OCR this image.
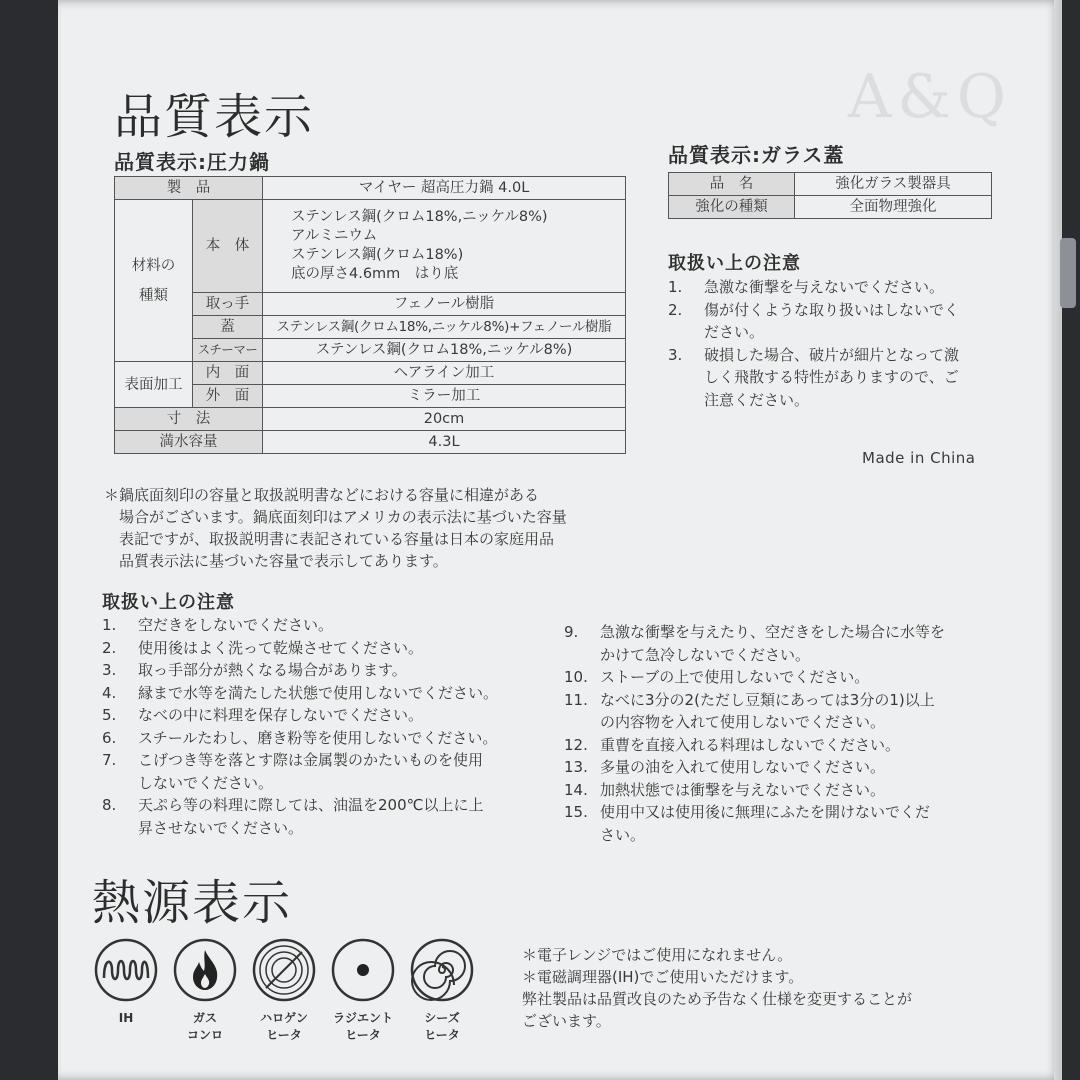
A&Q
品質表示
品質表示:圧力鍋
製　品		マイヤー 超高圧力鍋 4.0L
材料の
種類	本　体	ステンレス鋼(クロム18%,ニッケル8%)
アルミニウム
ステンレス鋼(クロム18%)
底の厚さ4.6mm　はり底
	取っ手	フェノール樹脂
	蓋	ステンレス鋼(クロム18%,ニッケル8%)+フェノール樹脂
	スチーマー	ステンレス鋼(クロム18%,ニッケル8%)
表面加工	内　面	ヘアライン加工
	外　面	ミラー加工
寸　法		20cm
満水容量		4.3L
＊鍋底面刻印の容量と取扱説明書などにおける容量に相違がある
　場合がございます。鍋底面刻印はアメリカの表示法に基づいた容量
　表記ですが、取扱説明書に表記されている容量は日本の家庭用品
　品質表示法に基づいた容量で表示してあります。
品質表示:ガラス蓋
品　名	強化ガラス製器具
強化の種類	全面物理強化
取扱い上の注意
1.	急激な衝撃を与えないでください。
2.	傷が付くような取り扱いはしないでく
ださい。
3.	破損した場合、破片が細片となって激
しく飛散する特性がありますので、ご
注意ください。
Made in China
取扱い上の注意
1.	空だきをしないでください。
2.	使用後はよく洗って乾燥させてください。
3.	取っ手部分が熱くなる場合があります。
4.	縁まで水等を満たした状態で使用しないでください。
5.	なべの中に料理を保存しないでください。
6.	スチールたわし、磨き粉等を使用しないでください。
7.	こげつき等を落とす際は金属製のかたいものを使用
しないでください。
8.	天ぷら等の料理に際しては、油温を200℃以上に上
昇させないでください。
9.	急激な衝撃を与えたり、空だきをした場合に水等を
かけて急冷しないでください。
10. ストーブの上で使用しないでください。
11. なべに3分の2(ただし豆類にあっては3分の1)以上
の内容物を入れて使用しないでください。
12. 重曹を直接入れる料理はしないでください。
13. 多量の油を入れて使用しないでください。
14. 加熱状態では衝撃を与えないでください。
15. 使用中又は使用後に無理にふたを開けないでくだ
さい。
熱源表示
IH	ガス
コンロ
ハロゲン
ヒータ
ラジエント
ヒータ
シーズ
ヒータ
＊電子レンジではご使用になれません。
＊電磁調理器(IH)でご使用いただけます。
弊社製品は品質改良のため予告なく仕様を変更することが
ございます。
